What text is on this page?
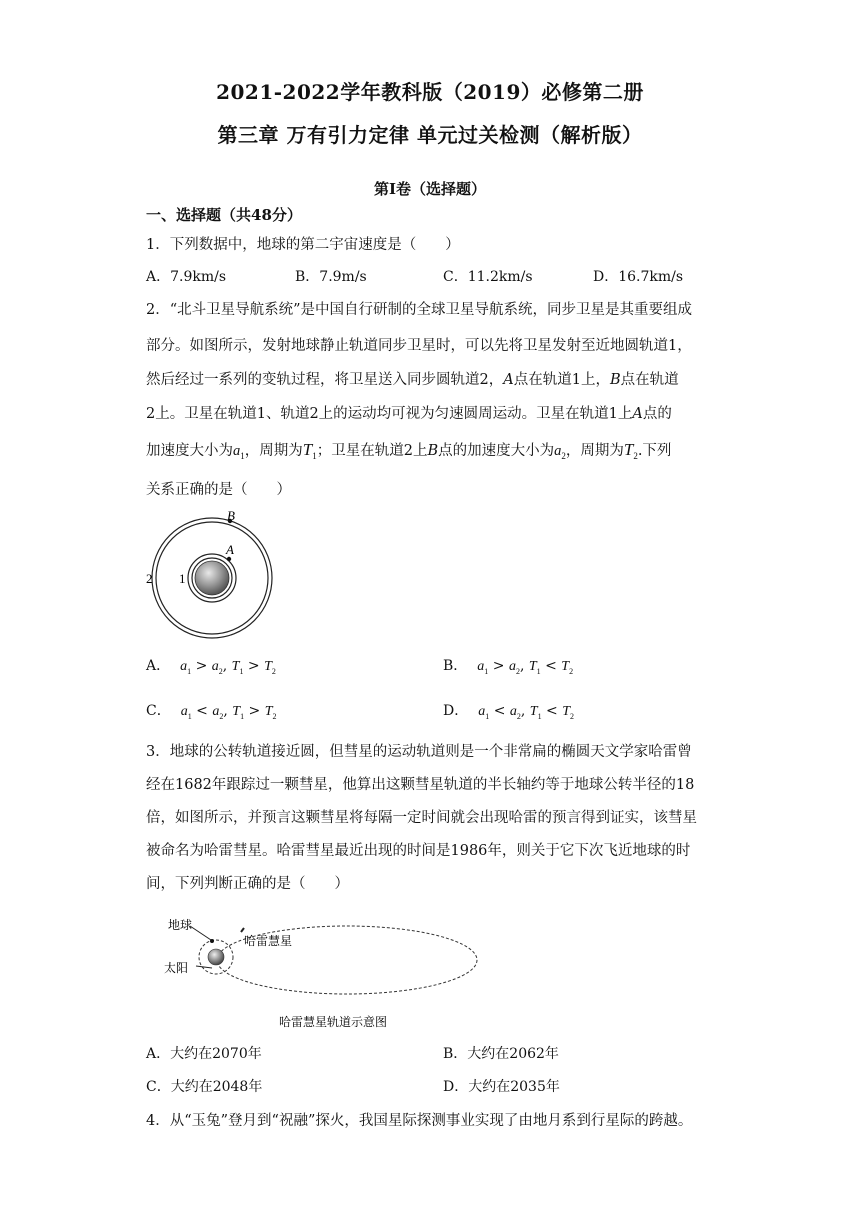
2021-2022学年教科版（2019）必修第二册
第三章 万有引力定律 单元过关检测（解析版）
第Ⅰ卷（选择题）
一、选择题（共48分）
1．下列数据中，地球的第二宇宙速度是（　　）
A．7.9km/s	B．7.9m/s	C．11.2km/s	D．16.7km/s
2．“北斗卫星导航系统”是中国自行研制的全球卫星导航系统，同步卫星是其重要组成
部分。如图所示，发射地球静止轨道同步卫星时，可以先将卫星发射至近地圆轨道1，
然后经过一系列的变轨过程，将卫星送入同步圆轨道2，A点在轨道1上，B点在轨道
2上。卫星在轨道1、轨道2上的运动均可视为匀速圆周运动。卫星在轨道1上A点的
加速度大小为$a_1$，周期为$T_1$；卫星在轨道2上B点的加速度大小为$a_2$，周期为$T_2$.下列
关系正确的是（　　）
A
B
2 1
A． $a_1 > a_2$, $T_1 > T_2$	B． $a_1 > a_2$, $T_1 < T_2$
C． $a_1 < a_2$, $T_1 > T_2$	D． $a_1 < a_2$, $T_1 < T_2$
3．地球的公转轨道接近圆，但彗星的运动轨道则是一个非常扁的椭圆天文学家哈雷曾
经在1682年跟踪过一颗彗星，他算出这颗彗星轨道的半长轴约等于地球公转半径的18
倍，如图所示，并预言这颗彗星将每隔一定时间就会出现哈雷的预言得到证实，该彗星
被命名为哈雷彗星。哈雷彗星最近出现的时间是1986年，则关于它下次飞近地球的时
间，下列判断正确的是（　　）
地球
哈雷慧星
太阳
哈雷慧星轨道示意图
A．大约在2070年	B．大约在2062年
C．大约在2048年	D．大约在2035年
4．从“玉兔”登月到“祝融”探火，我国星际探测事业实现了由地月系到行星际的跨越。
